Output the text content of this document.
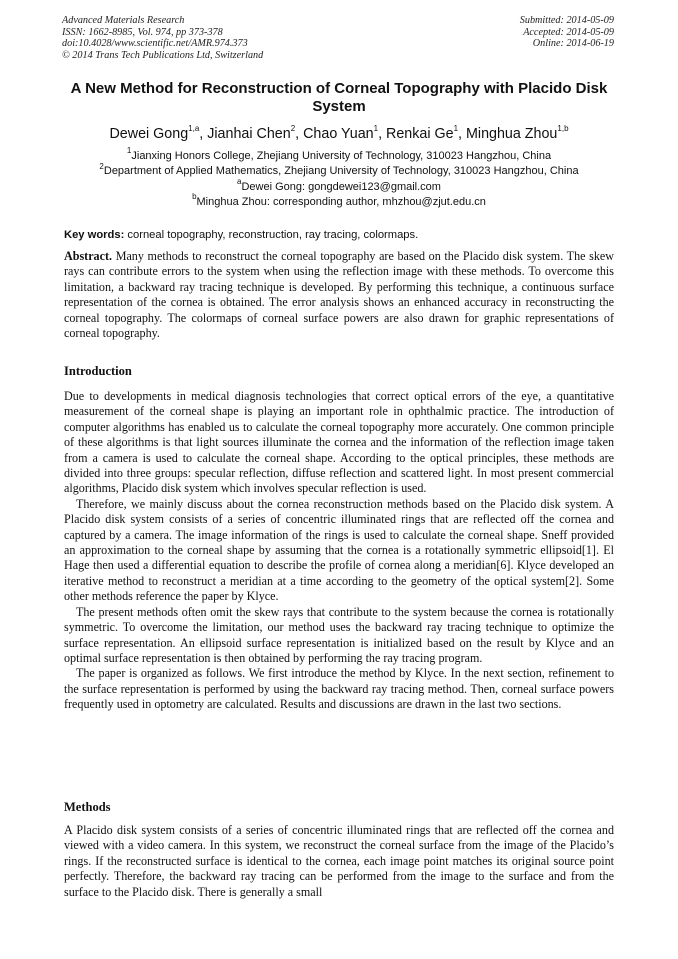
Advanced Materials Research
ISSN: 1662-8985, Vol. 974, pp 373-378
doi:10.4028/www.scientific.net/AMR.974.373
© 2014 Trans Tech Publications Ltd, Switzerland
Submitted: 2014-05-09
Accepted: 2014-05-09
Online: 2014-06-19
A New Method for Reconstruction of Corneal Topography with Placido Disk System
Dewei Gong$^{1,a}$, Jianhai Chen$^2$, Chao Yuan$^1$, Renkai Ge$^1$, Minghua Zhou$^{1,b}$
$^1$Jianxing Honors College, Zhejiang University of Technology, 310023 Hangzhou, China
$^2$Department of Applied Mathematics, Zhejiang University of Technology, 310023 Hangzhou, China
$^a$Dewei Gong: gongdewei123@gmail.com
$^b$Minghua Zhou: corresponding author, mhzhou@zjut.edu.cn
Key words: corneal topography, reconstruction, ray tracing, colormaps.
Abstract. Many methods to reconstruct the corneal topography are based on the Placido disk system. The skew rays can contribute errors to the system when using the reflection image with these methods. To overcome this limitation, a backward ray tracing technique is developed. By performing this technique, a continuous surface representation of the cornea is obtained. The error analysis shows an enhanced accuracy in reconstructing the corneal topography. The colormaps of corneal surface powers are also drawn for graphic representations of corneal topography.
Introduction

Due to developments in medical diagnosis technologies that correct optical errors of the eye, a quantitative measurement of the corneal shape is playing an important role in ophthalmic practice. The introduction of computer algorithms has enabled us to calculate the corneal topography more accurately. One common principle of these algorithms is that light sources illuminate the cornea and the information of the reflection image taken from a camera is used to calculate the corneal shape. According to the optical principles, these methods are divided into three groups: specular reflection, diffuse reflection and scattered light. In most present commercial algorithms, Placido disk system which involves specular reflection is used.

Therefore, we mainly discuss about the cornea reconstruction methods based on the Placido disk system. A Placido disk system consists of a series of concentric illuminated rings that are reflected off the cornea and captured by a camera. The image information of the rings is used to calculate the corneal shape. Sneff provided an approximation to the corneal shape by assuming that the cornea is a rotationally symmetric ellipsoid[1]. El Hage then used a differential equation to describe the profile of cornea along a meridian[6]. Klyce developed an iterative method to reconstruct a meridian at a time according to the geometry of the optical system[2]. Some other methods reference the paper by Klyce.

The present methods often omit the skew rays that contribute to the system because the cornea is rotationally symmetric. To overcome the limitation, our method uses the backward ray tracing technique to optimize the surface representation. An ellipsoid surface representation is initialized based on the result by Klyce and an optimal surface representation is then obtained by performing the ray tracing program.

The paper is organized as follows. We first introduce the method by Klyce. In the next section, refinement to the surface representation is performed by using the backward ray tracing method. Then, corneal surface powers frequently used in optometry are calculated. Results and discussions are drawn in the last two sections.

Methods

A Placido disk system consists of a series of concentric illuminated rings that are reflected off the cornea and viewed with a video camera. In this system, we reconstruct the corneal surface from the image of the Placido’s rings. If the reconstructed surface is identical to the cornea, each image point matches its original source point perfectly. Therefore, the backward ray tracing can be performed from the image to the surface and from the surface to the Placido disk. There is generally a small
